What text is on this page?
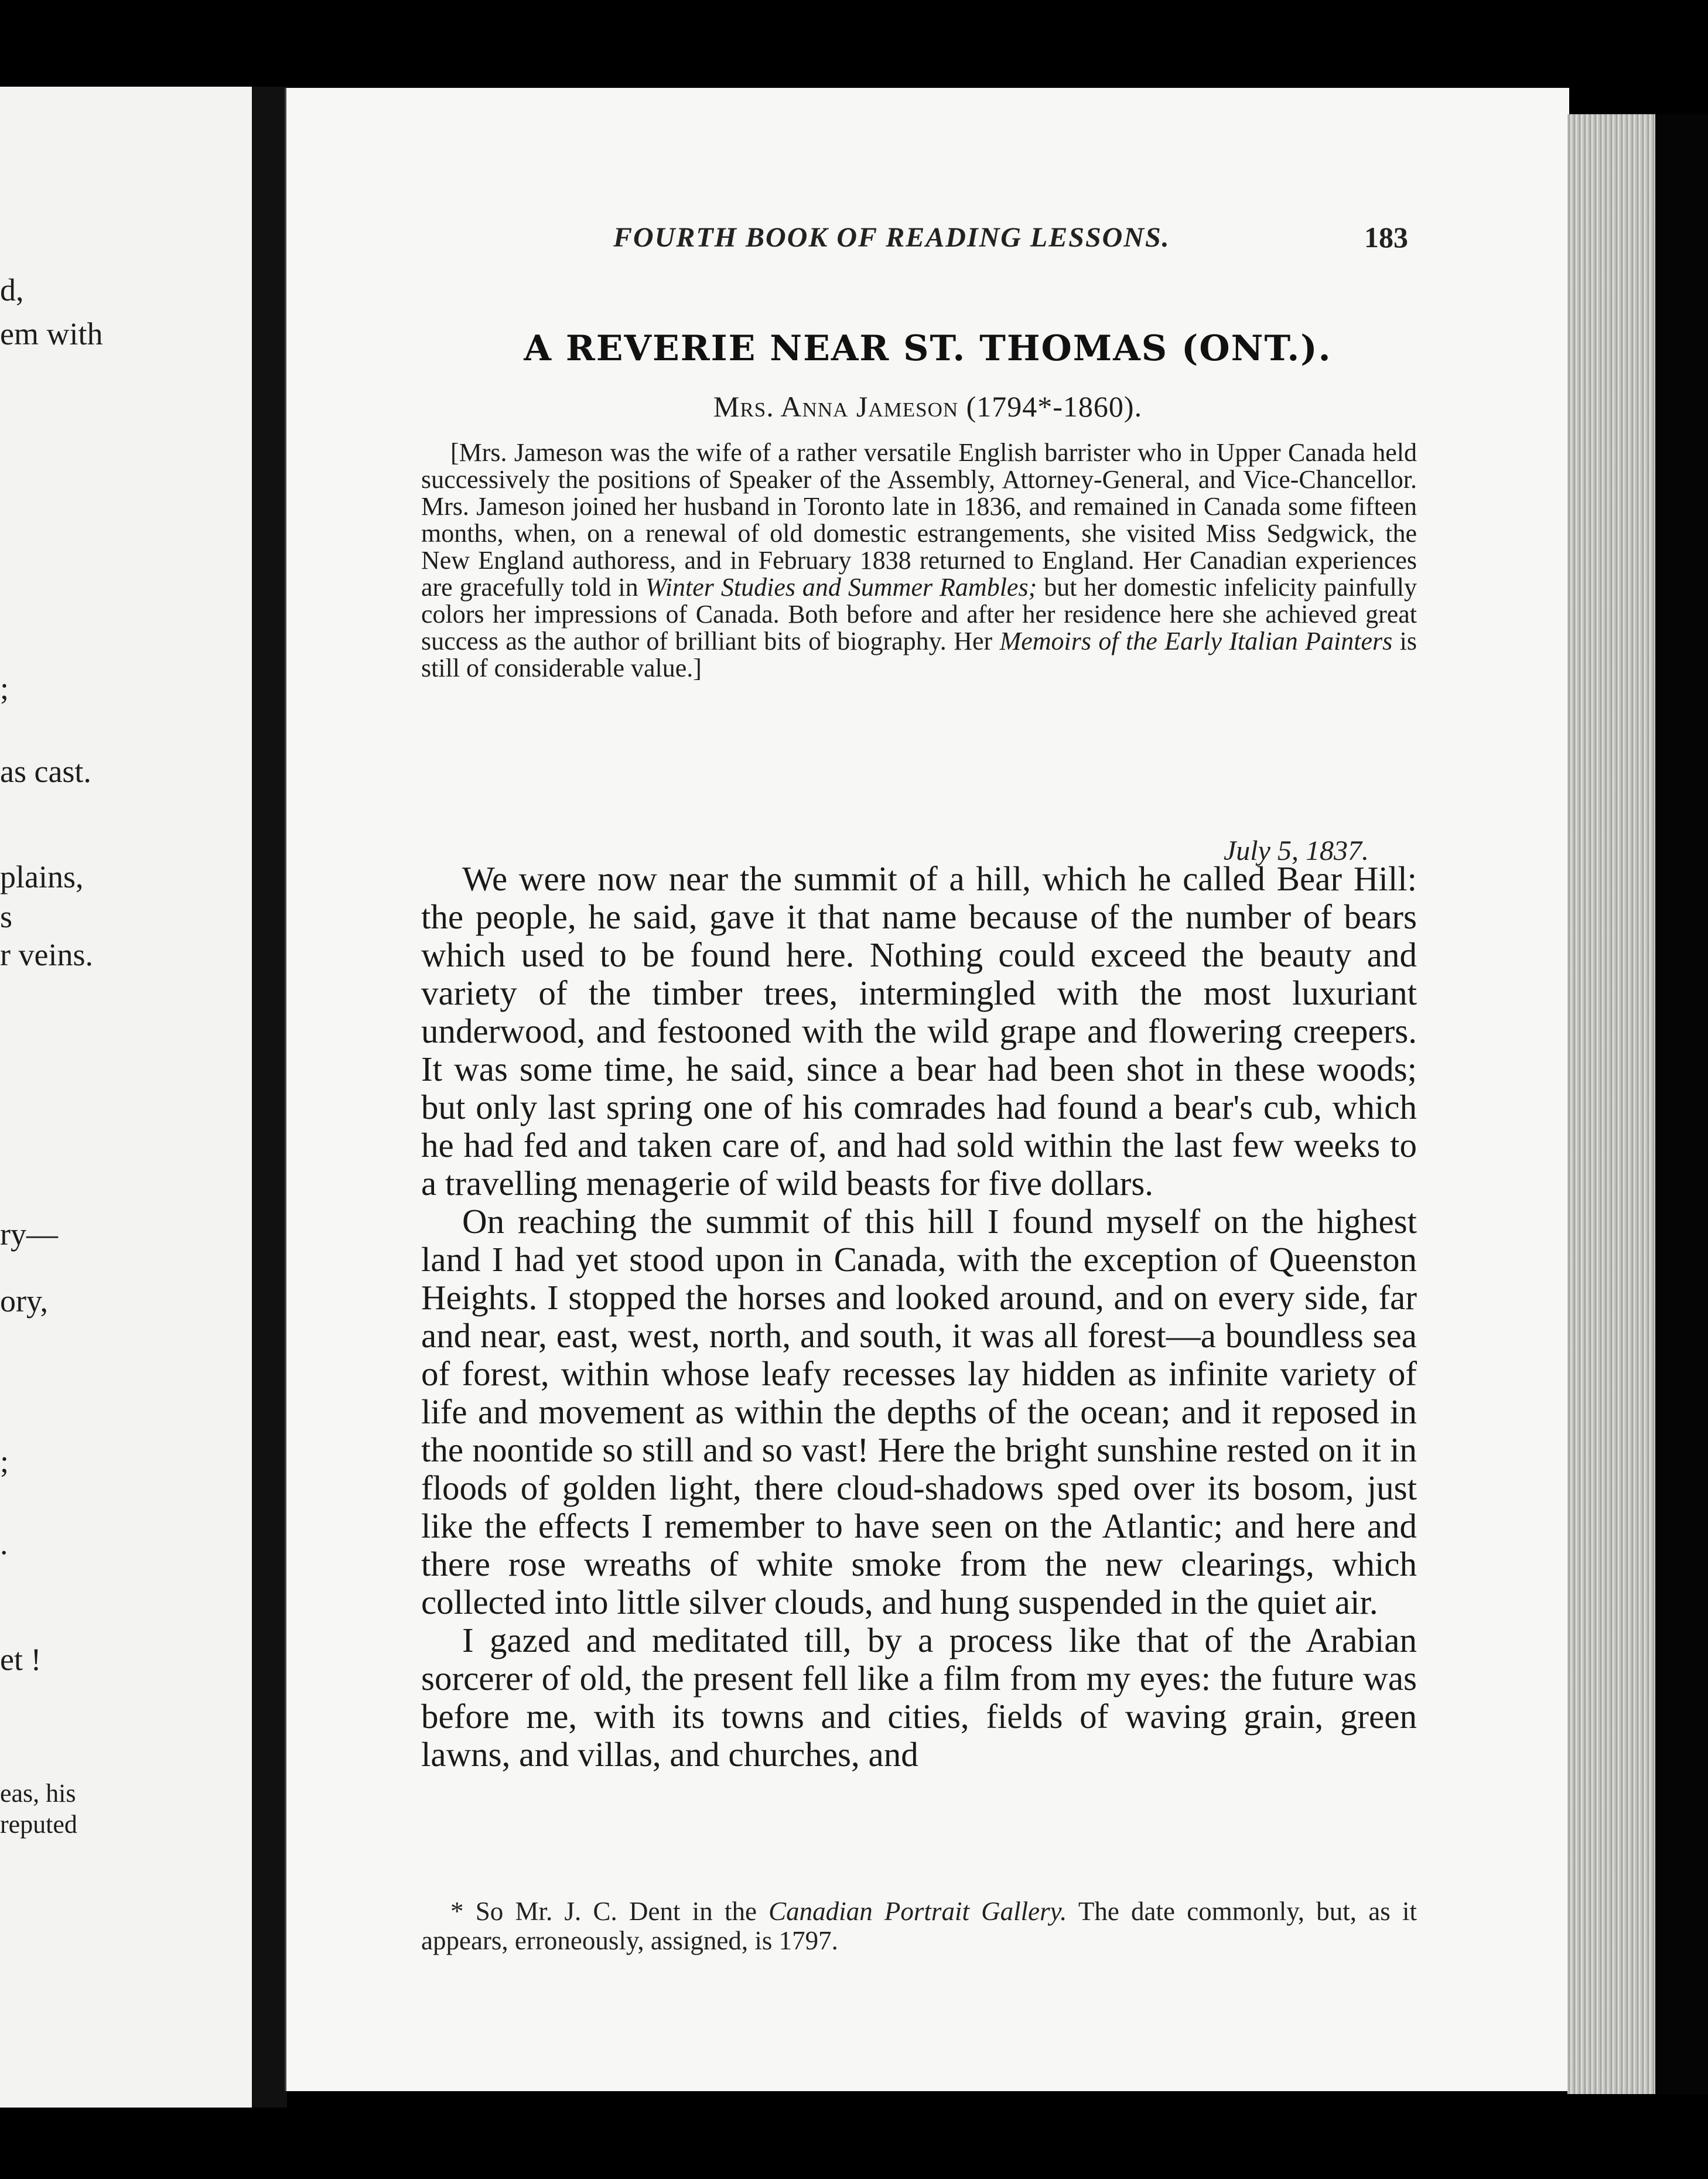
d,
em with
;
as cast.
plains,
s
r veins.
ry—
ory,
;
.
et !
eas, his
reputed
FOURTH BOOK OF READING LESSONS.	183
A REVERIE NEAR ST. THOMAS (ONT.).
Mrs. Anna Jameson (1794*-1860).
[Mrs. Jameson was the wife of a rather versatile English barrister who in Upper Canada held successively the positions of Speaker of the Assembly, Attorney-General, and Vice-Chancellor. Mrs. Jameson joined her husband in Toronto late in 1836, and remained in Canada some fifteen months, when, on a renewal of old domestic estrangements, she visited Miss Sedgwick, the New England authoress, and in February 1838 returned to England. Her Canadian experiences are gracefully told in Winter Studies and Summer Rambles; but her domestic infelicity painfully colors her impressions of Canada. Both before and after her residence here she achieved great success as the author of brilliant bits of biography. Her Memoirs of the Early Italian Painters is still of considerable value.]
July 5, 1837.

We were now near the summit of a hill, which he called Bear Hill: the people, he said, gave it that name because of the number of bears which used to be found here. Nothing could exceed the beauty and variety of the timber trees, intermingled with the most luxuriant underwood, and festooned with the wild grape and flowering creepers. It was some time, he said, since a bear had been shot in these woods; but only last spring one of his comrades had found a bear's cub, which he had fed and taken care of, and had sold within the last few weeks to a travelling menagerie of wild beasts for five dollars.

On reaching the summit of this hill I found myself on the highest land I had yet stood upon in Canada, with the exception of Queenston Heights. I stopped the horses and looked around, and on every side, far and near, east, west, north, and south, it was all forest—a boundless sea of forest, within whose leafy recesses lay hidden as infinite variety of life and movement as within the depths of the ocean; and it reposed in the noontide so still and so vast! Here the bright sunshine rested on it in floods of golden light, there cloud-shadows sped over its bosom, just like the effects I remember to have seen on the Atlantic; and here and there rose wreaths of white smoke from the new clearings, which collected into little silver clouds, and hung suspended in the quiet air.

I gazed and meditated till, by a process like that of the Arabian sorcerer of old, the present fell like a film from my eyes: the future was before me, with its towns and cities, fields of waving grain, green lawns, and villas, and churches, and

* So Mr. J. C. Dent in the Canadian Portrait Gallery. The date commonly, but, as it appears, erroneously, assigned, is 1797.
